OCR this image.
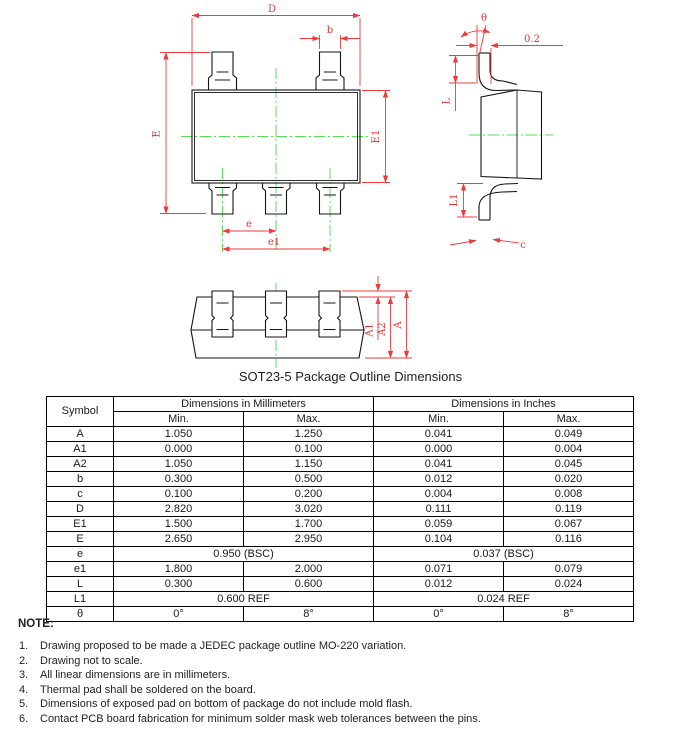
D
b
E	E1
e
e1
θ
0.2
L
L1
c
A1 A2 A
SOT23-5 Package Outline Dimensions
Symbol	Dimensions in Millimeters		Dimensions in Inches	
	Min.	Max.	Min.	Max.
A	1.050	1.250	0.041	0.049
A1	0.000	0.100	0.000	0.004
A2	1.050	1.150	0.041	0.045
b	0.300	0.500	0.012	0.020
c	0.100	0.200	0.004	0.008
D	2.820	3.020	0.111	0.119
E1	1.500	1.700	0.059	0.067
E	2.650	2.950	0.104	0.116
e	0.950 (BSC)		0.037 (BSC)	
e1	1.800	2.000	0.071	0.079
L	0.300	0.600	0.012	0.024
L1	0.600 REF		0.024 REF	
θ	0°	8°	0°	8°
NOTE:
1.	Drawing proposed to be made a JEDEC package outline MO-220 variation.
2.	Drawing not to scale.
3.	All linear dimensions are in millimeters.
4.	Thermal pad shall be soldered on the board.
5.	Dimensions of exposed pad on bottom of package do not include mold flash.
6.	Contact PCB board fabrication for minimum solder mask web tolerances between the pins.
